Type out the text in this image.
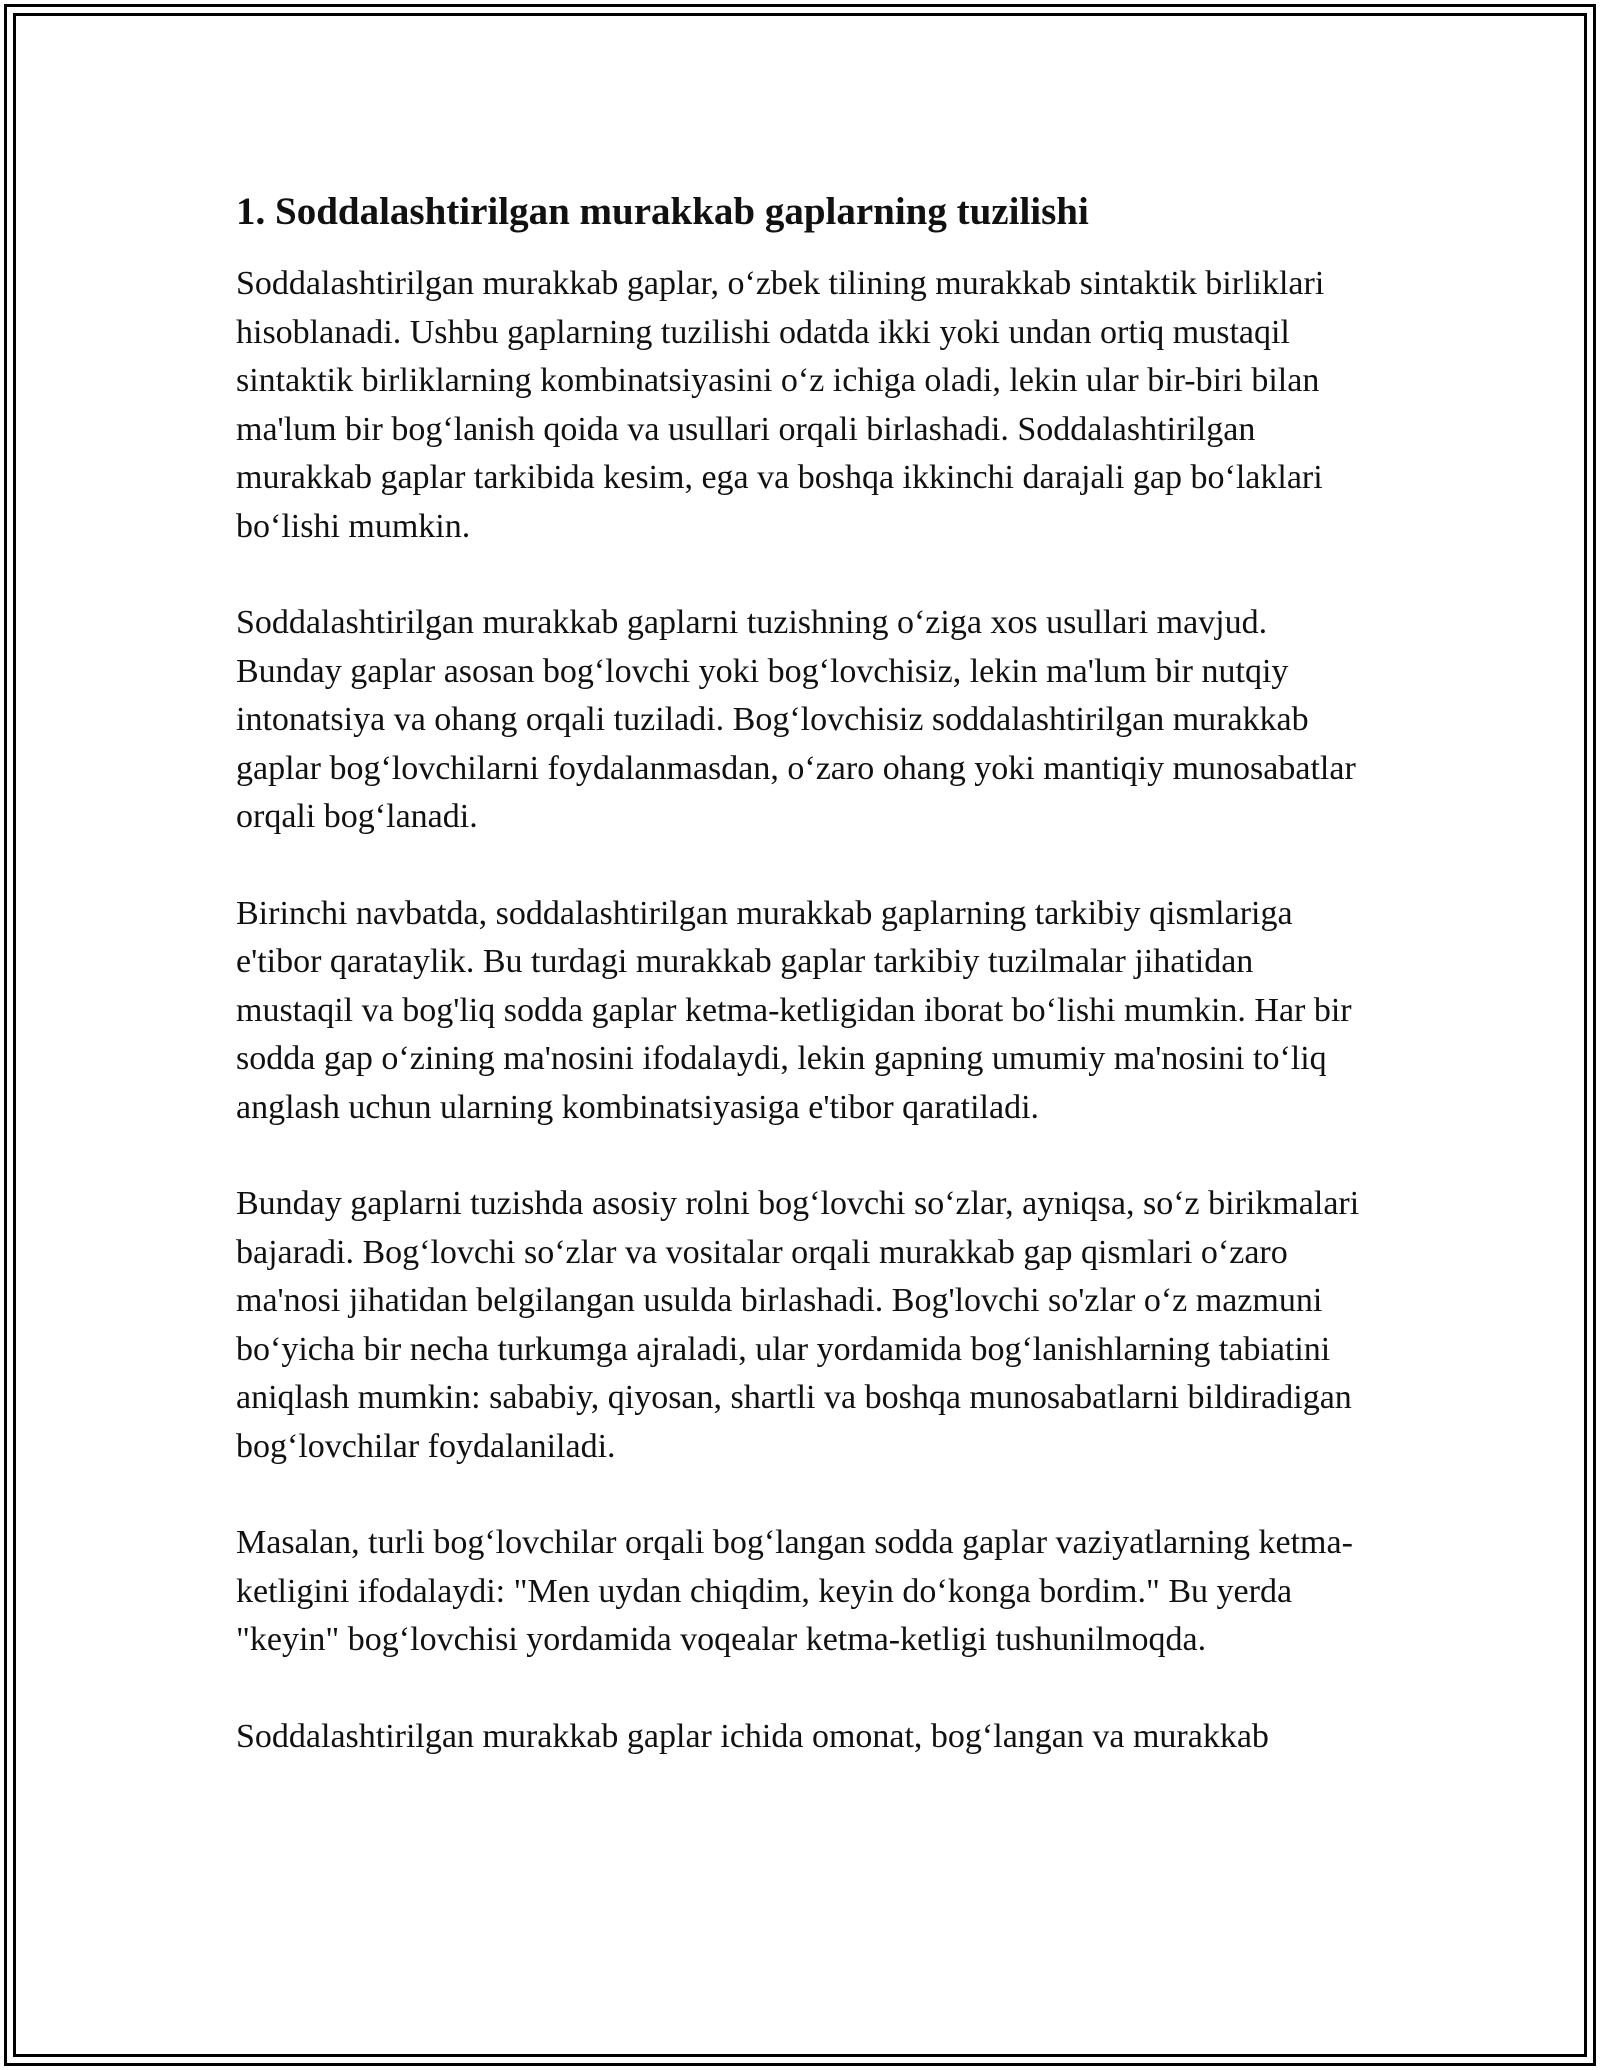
1. Soddalashtirilgan murakkab gaplarning tuzilishi

Soddalashtirilgan murakkab gaplar, o‘zbek tilining murakkab sintaktik birliklari hisoblanadi. Ushbu gaplarning tuzilishi odatda ikki yoki undan ortiq mustaqil sintaktik birliklarning kombinatsiyasini o‘z ichiga oladi, lekin ular bir-biri bilan ma'lum bir bog‘lanish qoida va usullari orqali birlashadi. Soddalashtirilgan murakkab gaplar tarkibida kesim, ega va boshqa ikkinchi darajali gap bo‘laklari bo‘lishi mumkin.

Soddalashtirilgan murakkab gaplarni tuzishning o‘ziga xos usullari mavjud. Bunday gaplar asosan bog‘lovchi yoki bog‘lovchisiz, lekin ma'lum bir nutqiy intonatsiya va ohang orqali tuziladi. Bog‘lovchisiz soddalashtirilgan murakkab gaplar bog‘lovchilarni foydalanmasdan, o‘zaro ohang yoki mantiqiy munosabatlar orqali bog‘lanadi.

Birinchi navbatda, soddalashtirilgan murakkab gaplarning tarkibiy qismlariga e'tibor qarataylik. Bu turdagi murakkab gaplar tarkibiy tuzilmalar jihatidan mustaqil va bog'liq sodda gaplar ketma-ketligidan iborat bo‘lishi mumkin. Har bir sodda gap o‘zining ma'nosini ifodalaydi, lekin gapning umumiy ma'nosini to‘liq anglash uchun ularning kombinatsiyasiga e'tibor qaratiladi.

Bunday gaplarni tuzishda asosiy rolni bog‘lovchi so‘zlar, ayniqsa, so‘z birikmalari bajaradi. Bog‘lovchi so‘zlar va vositalar orqali murakkab gap qismlari o‘zaro ma'nosi jihatidan belgilangan usulda birlashadi. Bog'lovchi so'zlar o‘z mazmuni bo‘yicha bir necha turkumga ajraladi, ular yordamida bog‘lanishlarning tabiatini aniqlash mumkin: sababiy, qiyosan, shartli va boshqa munosabatlarni bildiradigan bog‘lovchilar foydalaniladi.

Masalan, turli bog‘lovchilar orqali bog‘langan sodda gaplar vaziyatlarning ketma-ketligini ifodalaydi: "Men uydan chiqdim, keyin do‘konga bordim." Bu yerda "keyin" bog‘lovchisi yordamida voqealar ketma-ketligi tushunilmoqda.

Soddalashtirilgan murakkab gaplar ichida omonat, bog‘langan va murakkab
